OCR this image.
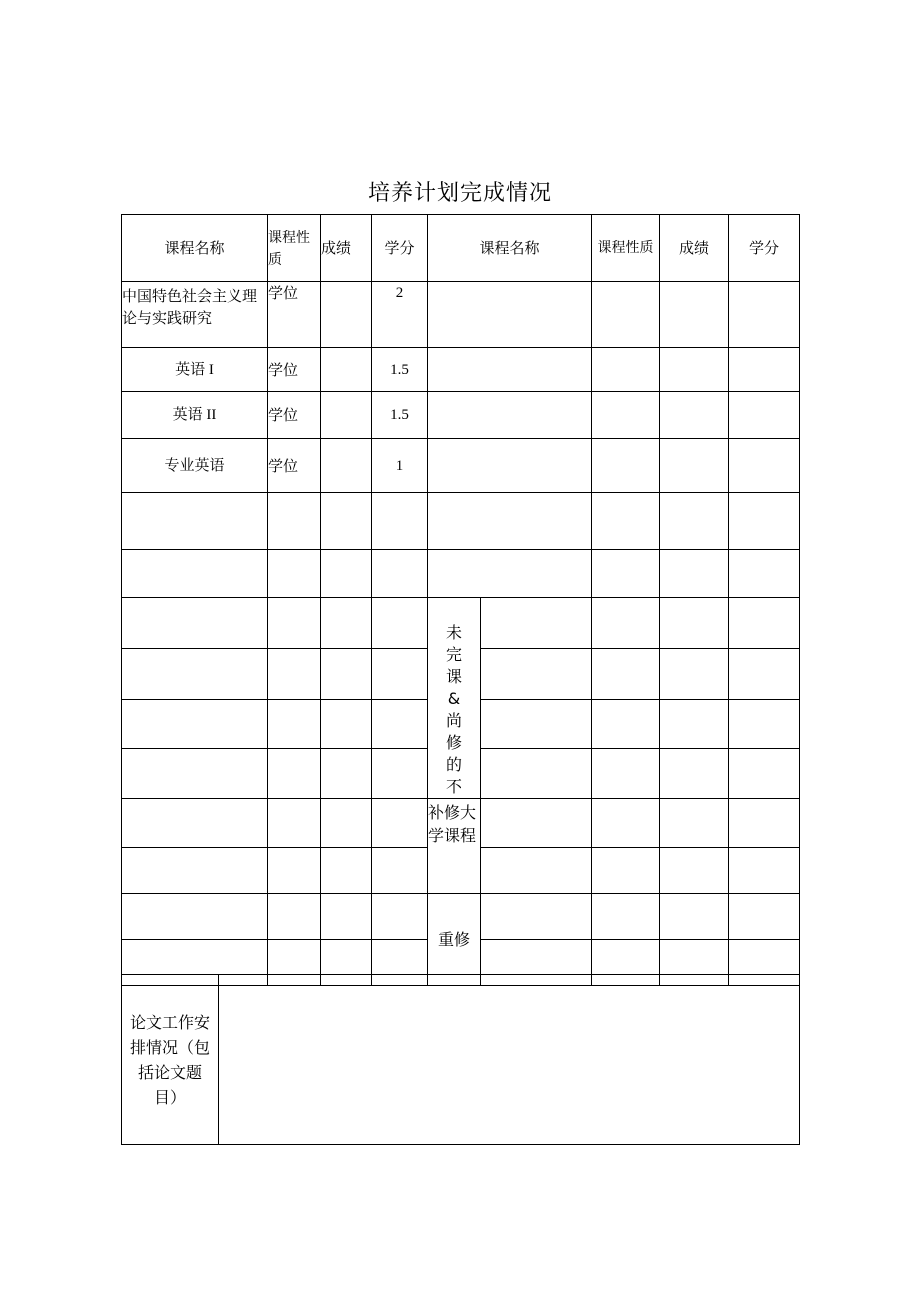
培养计划完成情况
课程名称	课程性质	成绩	学分	课程名称		课程性质	成绩	学分
中国特色社会主义理论与实践研究	学位		2					
英语 I	学位		1.5					
英语 II	学位		1.5					
专业英语	学位		1					

				未完课&尚修的不				

				补修大学课程				

				重修				

论文工作安排情况（包括论文题目）	
